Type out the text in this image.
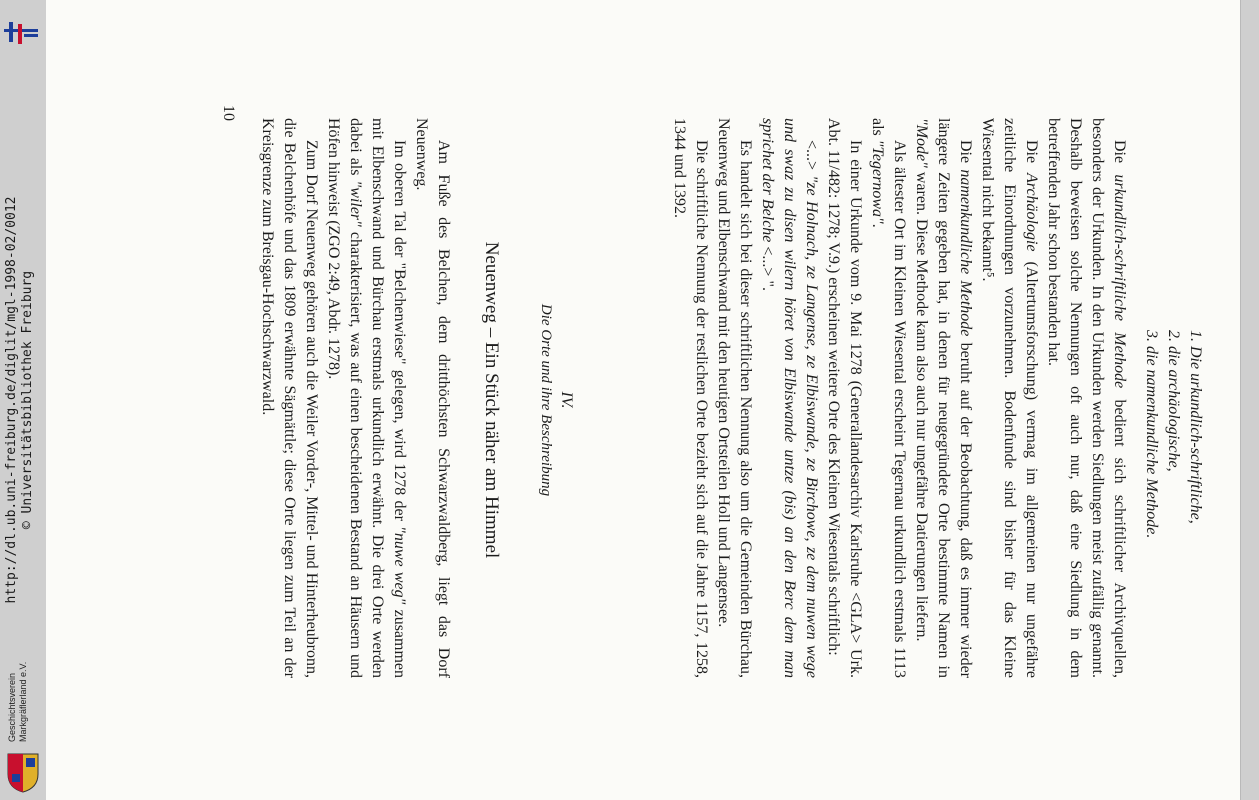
http://dl.ub.uni-freiburg.de/diglit/mgl-1998-02/0012 © Universitätsbibliothek Freiburg
Geschichtsverein Markgräflerland e.V.
1. Die urkundlich-schriftliche,
2. die archäologische,
3. die namenkundliche Methode.

Die urkundlich-schriftliche Methode bedient sich schriftlicher Archivquellen, besonders der Urkunden. In den Urkunden werden Siedlungen meist zufällig genannt. Deshalb beweisen solche Nennungen oft auch nur, daß eine Siedlung in dem betreffenden Jahr schon bestanden hat.

Die Archäologie (Altertumsforschung) vermag im allgemeinen nur ungefähre zeitliche Einordnungen vorzunehmen. Bodenfunde sind bisher für das Kleine Wiesental nicht bekannt⁵.

Die namenkundliche Methode beruht auf der Beobachtung, daß es immer wieder längere Zeiten gegeben hat, in denen für neugegründete Orte bestimmte Namen in "Mode" waren. Diese Methode kann also auch nur ungefähre Datierungen liefern.

Als ältester Ort im Kleinen Wiesental erscheint Tegernau urkundlich erstmals 1113 als "Tegernowa".

In einer Urkunde vom 9. Mai 1278 (Generallandesarchiv Karlsruhe <GLA> Urk. Abt. 11/482: 1278; V.9.) erscheinen weitere Orte des Kleinen Wiesentals schriftlich:

<...> "ze Holnach, ze Langense, ze Elbiswande, ze Birchowe, ze dem nuwen wege und swaz zu disen wilern höret von Elbiswande untze (bis) an den Berc dem man sprichet der Belche <...> ".

Es handelt sich bei dieser schriftlichen Nennung also um die Gemeinden Bürchau, Neuenweg und Elbenschwand mit den heutigen Ortsteilen Holl und Langensee.

Die schriftliche Nennung der restlichen Orte bezieht sich auf die Jahre 1157, 1258, 1344 und 1392.

IV.
Die Orte und ihre Beschreibung
Neuenweg – Ein Stück näher am Himmel

Am Fuße des Belchen, dem dritthöchsten Schwarzwaldberg, liegt das Dorf Neuenweg.

Im oberen Tal der "Belchenwiese" gelegen, wird 1278 der "nuwe weg" zusammen mit Elbenschwand und Bürchau erstmals urkundlich erwähnt. Die drei Orte werden dabei als "wiler" charakterisiert, was auf einen bescheidenen Bestand an Häusern und Höfen hinweist (ZGO 2:49, Abdr. 1278).

Zum Dorf Neuenweg gehören auch die Weiler Vorder-, Mittel- und Hinterheubronn, die Belchenhöfe und das 1809 erwähnte Sägmättle; diese Orte liegen zum Teil an der Kreisgrenze zum Breisgau-Hochschwarzwald.

10
